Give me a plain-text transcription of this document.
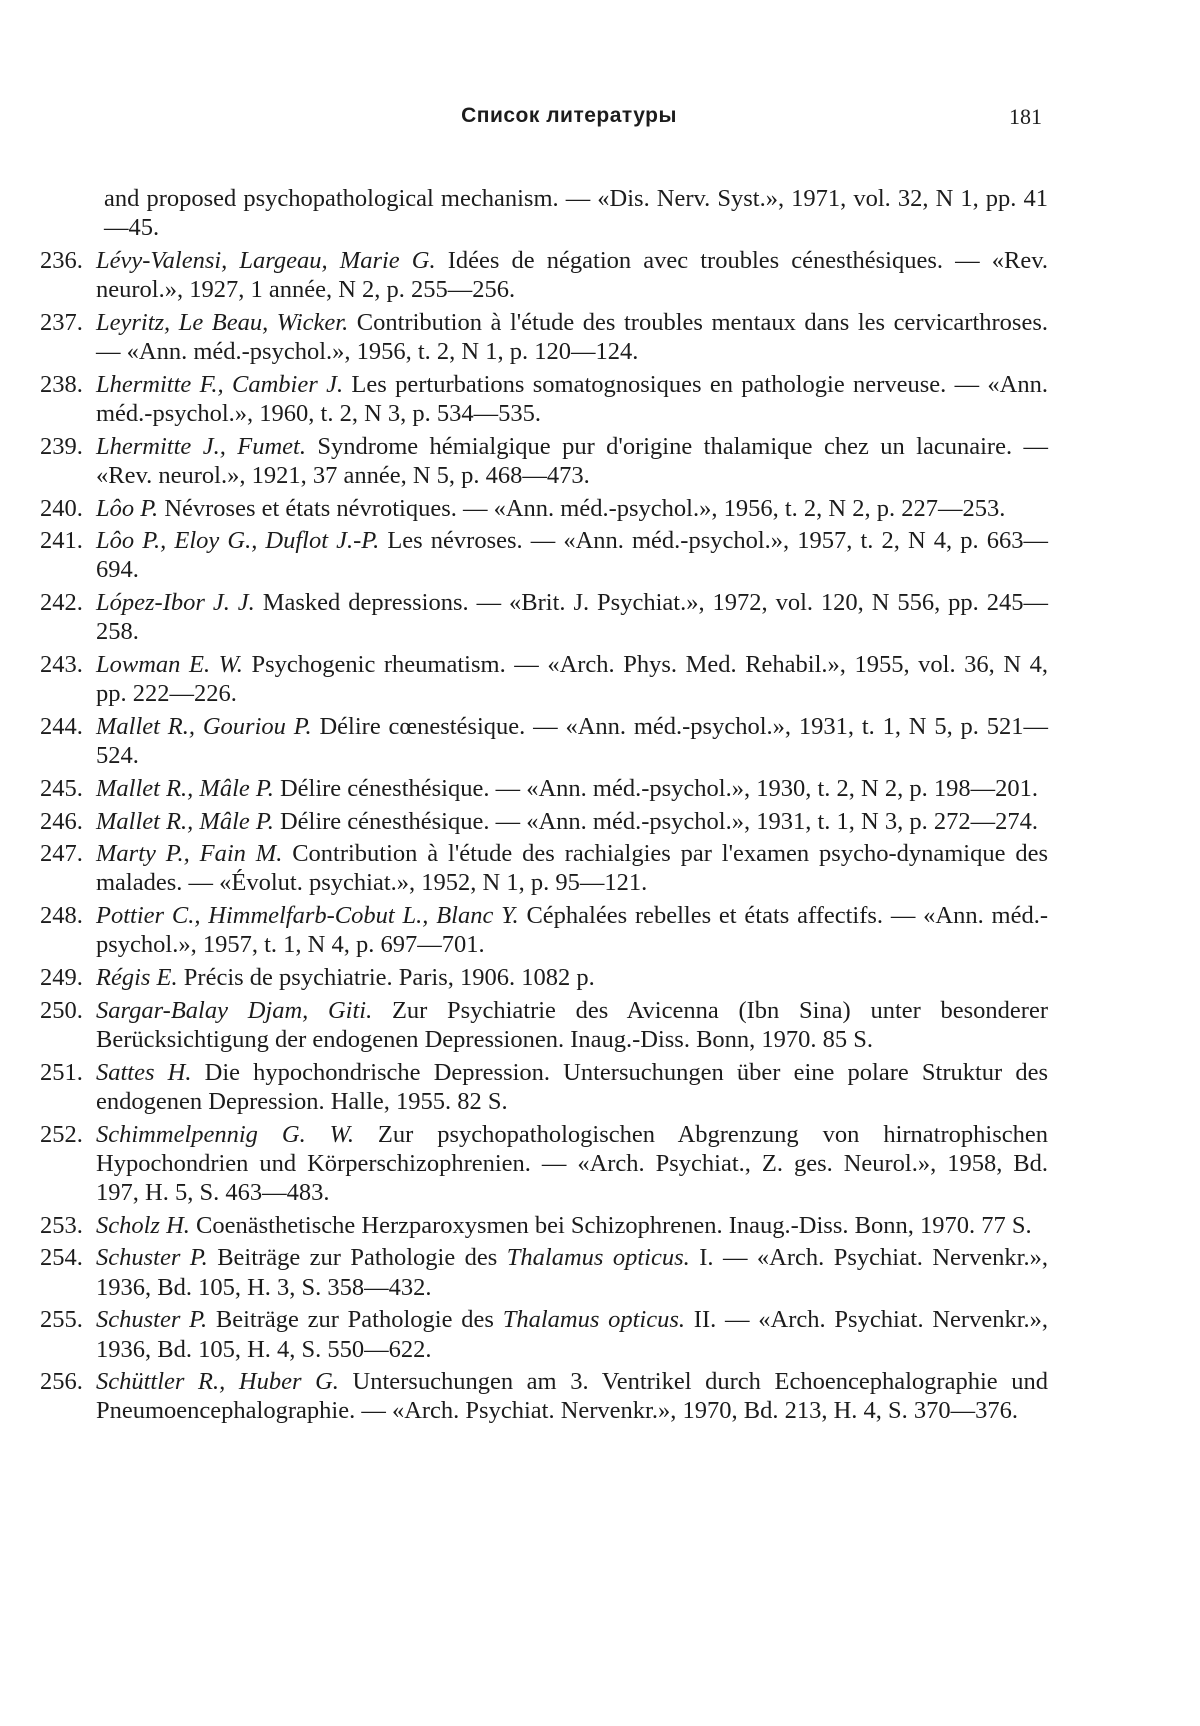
Список литературы	181
and proposed psychopathological mechanism. — «Dis. Nerv. Syst.», 1971, vol. 32, N 1, pp. 41—45.
236. Lévy-Valensi, Largeau, Marie G. Idées de négation avec troubles cénesthésiques. — «Rev. neurol.», 1927, 1 année, N 2, p. 255—256.
237. Leyritz, Le Beau, Wicker. Contribution à l'étude des troubles mentaux dans les cervicarthroses. — «Ann. méd.-psychol.», 1956, t. 2, N 1, p. 120—124.
238. Lhermitte F., Cambier J. Les perturbations somatognosiques en pathologie nerveuse. — «Ann. méd.-psychol.», 1960, t. 2, N 3, p. 534—535.
239. Lhermitte J., Fumet. Syndrome hémialgique pur d'origine thalamique chez un lacunaire. — «Rev. neurol.», 1921, 37 année, N 5, p. 468—473.
240. Lôo P. Névroses et états névrotiques. — «Ann. méd.-psychol.», 1956, t. 2, N 2, p. 227—253.
241. Lôo P., Eloy G., Duflot J.-P. Les névroses. — «Ann. méd.-psychol.», 1957, t. 2, N 4, p. 663—694.
242. López-Ibor J. J. Masked depressions. — «Brit. J. Psychiat.», 1972, vol. 120, N 556, pp. 245—258.
243. Lowman E. W. Psychogenic rheumatism. — «Arch. Phys. Med. Rehabil.», 1955, vol. 36, N 4, pp. 222—226.
244. Mallet R., Gouriou P. Délire cœnestésique. — «Ann. méd.-psychol.», 1931, t. 1, N 5, p. 521—524.
245. Mallet R., Mâle P. Délire cénesthésique. — «Ann. méd.-psychol.», 1930, t. 2, N 2, p. 198—201.
246. Mallet R., Mâle P. Délire cénesthésique. — «Ann. méd.-psychol.», 1931, t. 1, N 3, p. 272—274.
247. Marty P., Fain M. Contribution à l'étude des rachialgies par l'examen psycho-dynamique des malades. — «Évolut. psychiat.», 1952, N 1, p. 95—121.
248. Pottier C., Himmelfarb-Cobut L., Blanc Y. Céphalées rebelles et états affectifs. — «Ann. méd.-psychol.», 1957, t. 1, N 4, p. 697—701.
249. Régis E. Précis de psychiatrie. Paris, 1906. 1082 p.
250. Sargar-Balay Djam, Giti. Zur Psychiatrie des Avicenna (Ibn Sina) unter besonderer Berücksichtigung der endogenen Depressionen. Inaug.-Diss. Bonn, 1970. 85 S.
251. Sattes H. Die hypochondrische Depression. Untersuchungen über eine polare Struktur des endogenen Depression. Halle, 1955. 82 S.
252. Schimmelpennig G. W. Zur psychopathologischen Abgrenzung von hirnatrophischen Hypochondrien und Körperschizophrenien. — «Arch. Psychiat., Z. ges. Neurol.», 1958, Bd. 197, H. 5, S. 463—483.
253. Scholz H. Coenästhetische Herzparoxysmen bei Schizophrenen. Inaug.-Diss. Bonn, 1970. 77 S.
254. Schuster P. Beiträge zur Pathologie des Thalamus opticus. I. — «Arch. Psychiat. Nervenkr.», 1936, Bd. 105, H. 3, S. 358—432.
255. Schuster P. Beiträge zur Pathologie des Thalamus opticus. II. — «Arch. Psychiat. Nervenkr.», 1936, Bd. 105, H. 4, S. 550—622.
256. Schüttler R., Huber G. Untersuchungen am 3. Ventrikel durch Echoencephalographie und Pneumoencephalographie. — «Arch. Psychiat. Nervenkr.», 1970, Bd. 213, H. 4, S. 370—376.
